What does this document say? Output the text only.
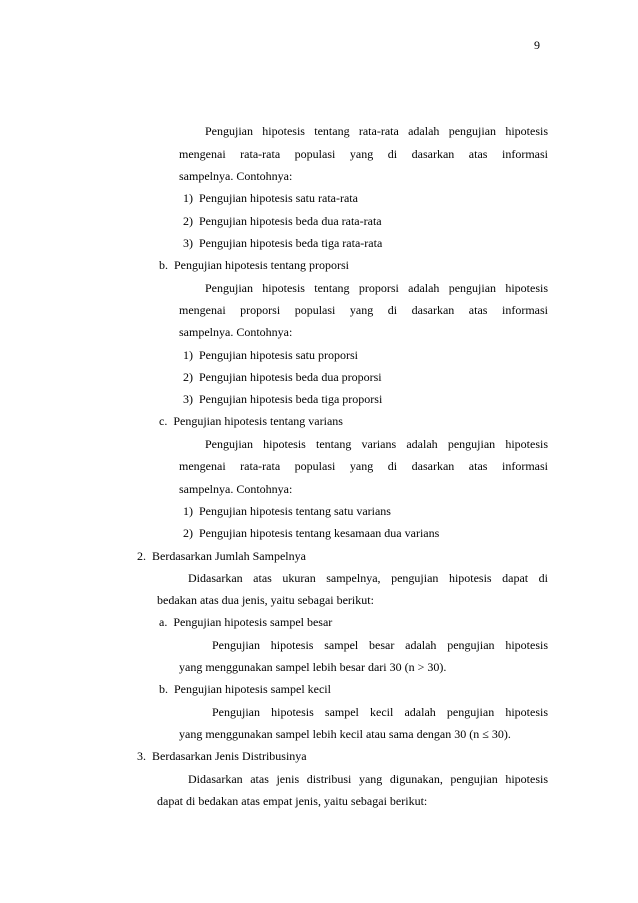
9
Pengujian hipotesis tentang rata-rata adalah pengujian hipotesis
mengenai rata-rata populasi yang di dasarkan atas informasi
sampelnya. Contohnya:
1) Pengujian hipotesis satu rata-rata
2) Pengujian hipotesis beda dua rata-rata
3) Pengujian hipotesis beda tiga rata-rata
b. Pengujian hipotesis tentang proporsi
Pengujian hipotesis tentang proporsi adalah pengujian hipotesis
mengenai proporsi populasi yang di dasarkan atas informasi
sampelnya. Contohnya:
1) Pengujian hipotesis satu proporsi
2) Pengujian hipotesis beda dua proporsi
3) Pengujian hipotesis beda tiga proporsi
c. Pengujian hipotesis tentang varians
Pengujian hipotesis tentang varians adalah pengujian hipotesis
mengenai rata-rata populasi yang di dasarkan atas informasi
sampelnya. Contohnya:
1) Pengujian hipotesis tentang satu varians
2) Pengujian hipotesis tentang kesamaan dua varians
2. Berdasarkan Jumlah Sampelnya
Didasarkan atas ukuran sampelnya, pengujian hipotesis dapat di
bedakan atas dua jenis, yaitu sebagai berikut:
a. Pengujian hipotesis sampel besar
Pengujian hipotesis sampel besar adalah pengujian hipotesis
yang menggunakan sampel lebih besar dari 30 (n > 30).
b. Pengujian hipotesis sampel kecil
Pengujian hipotesis sampel kecil adalah pengujian hipotesis
yang menggunakan sampel lebih kecil atau sama dengan 30 (n ≤ 30).
3. Berdasarkan Jenis Distribusinya
Didasarkan atas jenis distribusi yang digunakan, pengujian hipotesis
dapat di bedakan atas empat jenis, yaitu sebagai berikut:
